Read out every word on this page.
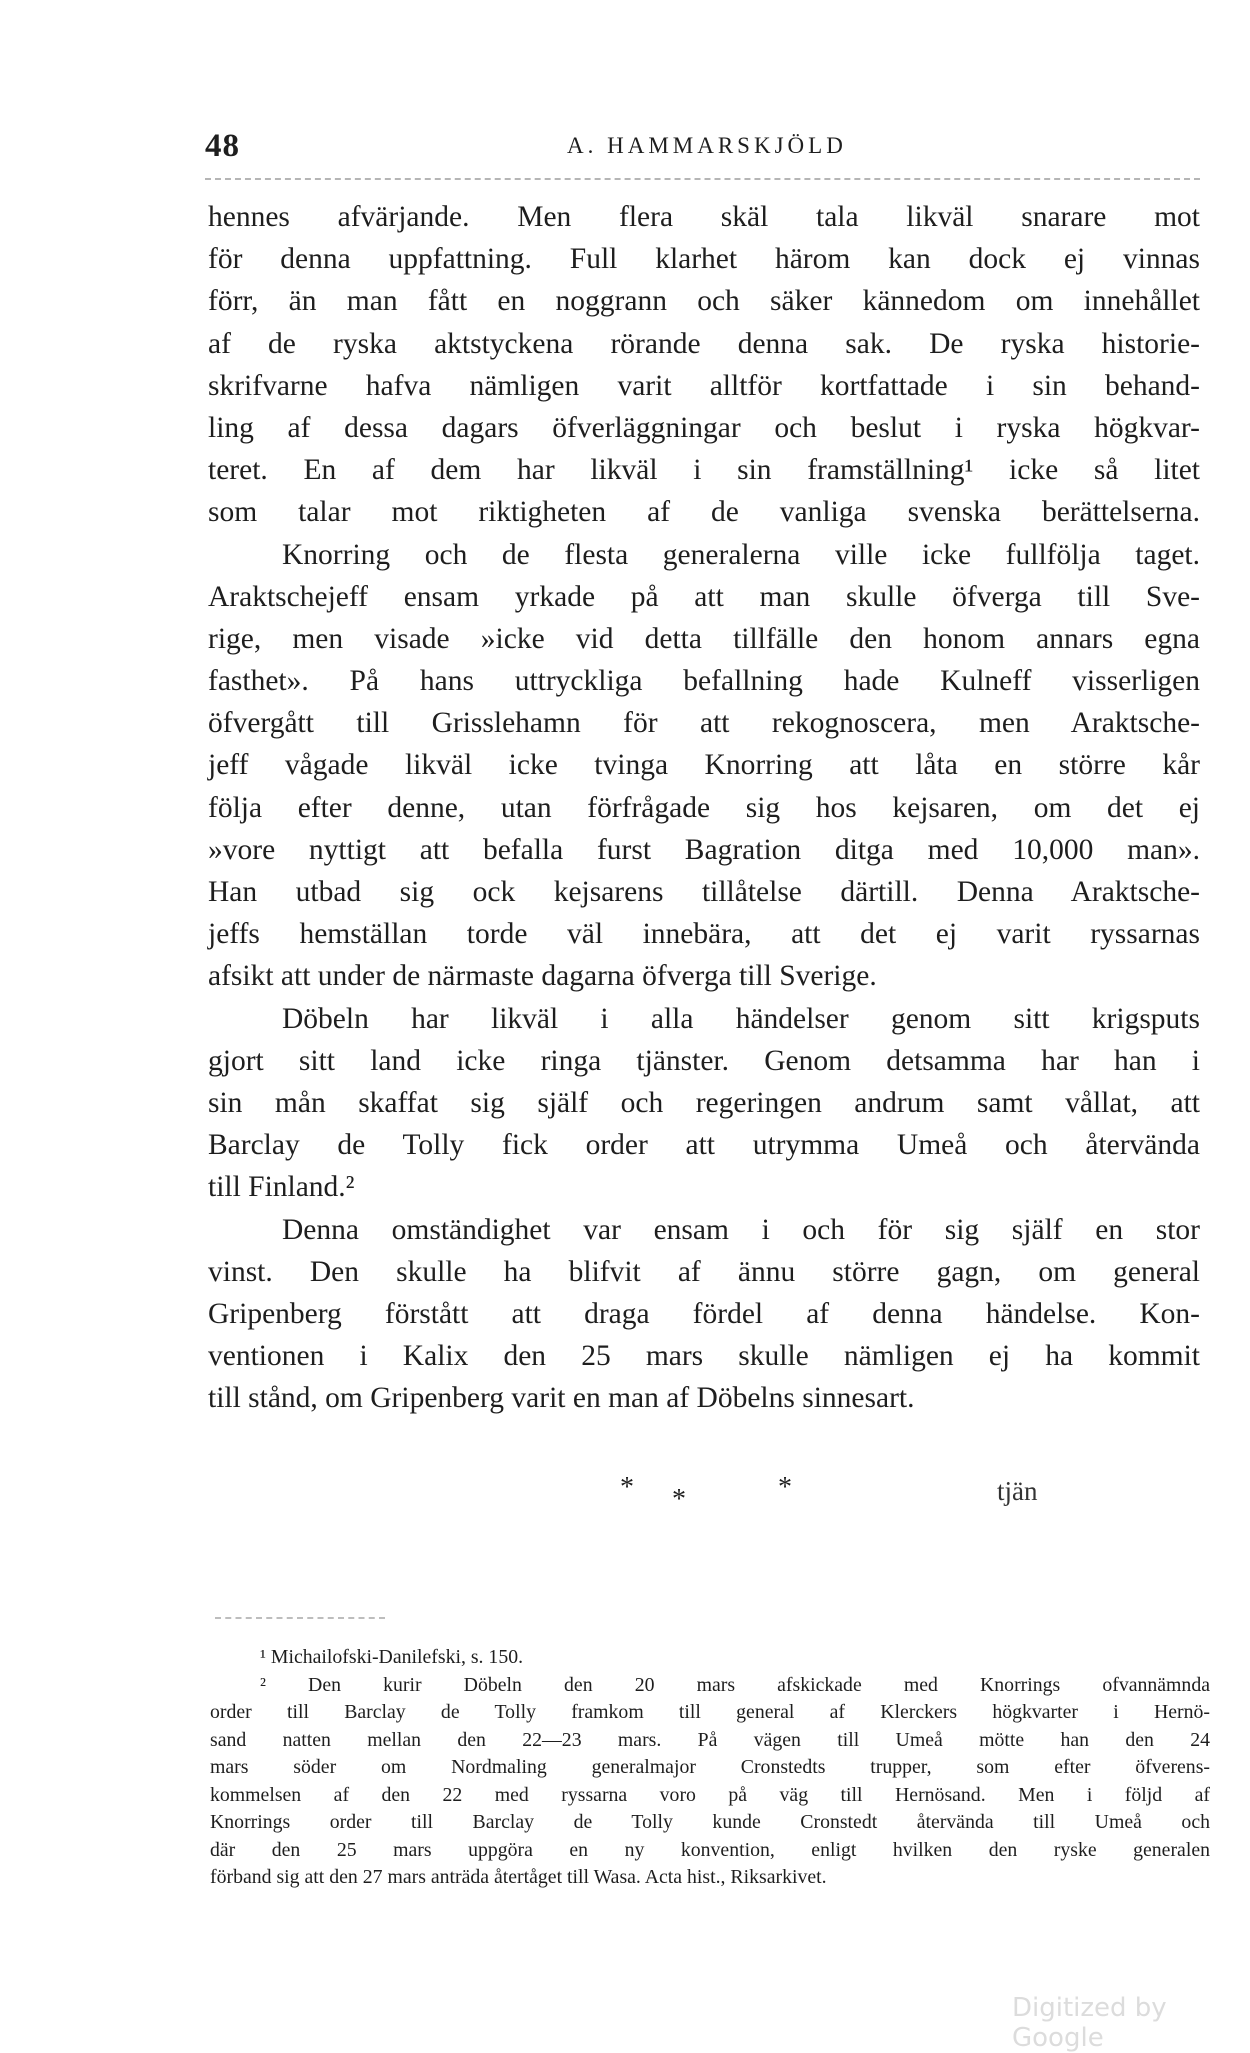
48	A. HAMMARSKJÖLD
hennes afvärjande. Men flera skäl tala likväl snarare mot
för denna uppfattning. Full klarhet härom kan dock ej vinnas
förr, än man fått en noggrann och säker kännedom om innehållet
af de ryska aktstyckena rörande denna sak. De ryska historie-
skrifvarne hafva nämligen varit alltför kortfattade i sin behand-
ling af dessa dagars öfverläggningar och beslut i ryska högkvar-
teret. En af dem har likväl i sin framställning¹ icke så litet
som talar mot riktigheten af de vanliga svenska berättelserna.
Knorring och de flesta generalerna ville icke fullfölja taget.
Araktschejeff ensam yrkade på att man skulle öfverga till Sve-
rige, men visade »icke vid detta tillfälle den honom annars egna
fasthet». På hans uttryckliga befallning hade Kulneff visserligen
öfvergått till Grisslehamn för att rekognoscera, men Araktsche-
jeff vågade likväl icke tvinga Knorring att låta en större kår
följa efter denne, utan förfrågade sig hos kejsaren, om det ej
»vore nyttigt att befalla furst Bagration ditga med 10,000 man».
Han utbad sig ock kejsarens tillåtelse därtill. Denna Araktsche-
jeffs hemställan torde väl innebära, att det ej varit ryssarnas
afsikt att under de närmaste dagarna öfverga till Sverige.
Döbeln har likväl i alla händelser genom sitt krigsputs
gjort sitt land icke ringa tjänster. Genom detsamma har han i
sin mån skaffat sig själf och regeringen andrum samt vållat, att
Barclay de Tolly fick order att utrymma Umeå och återvända
till Finland.²
Denna omständighet var ensam i och för sig själf en stor
vinst. Den skulle ha blifvit af ännu större gagn, om general
Gripenberg förstått att draga fördel af denna händelse. Kon-
ventionen i Kalix den 25 mars skulle nämligen ej ha kommit
till stånd, om Gripenberg varit en man af Döbelns sinnesart.
* *	*	tjän
¹ Michailofski-Danilefski, s. 150.
² Den kurir Döbeln den 20 mars afskickade med Knorrings ofvannämnda
order till Barclay de Tolly framkom till general af Klerckers högkvarter i Hernö-
sand natten mellan den 22—23 mars. På vägen till Umeå mötte han den 24
mars söder om Nordmaling generalmajor Cronstedts trupper, som efter öfverens-
kommelsen af den 22 med ryssarna voro på väg till Hernösand. Men i följd af
Knorrings order till Barclay de Tolly kunde Cronstedt återvända till Umeå och
där den 25 mars uppgöra en ny konvention, enligt hvilken den ryske generalen
förband sig att den 27 mars anträda återtåget till Wasa. Acta hist., Riksarkivet.
Digitized by Google
